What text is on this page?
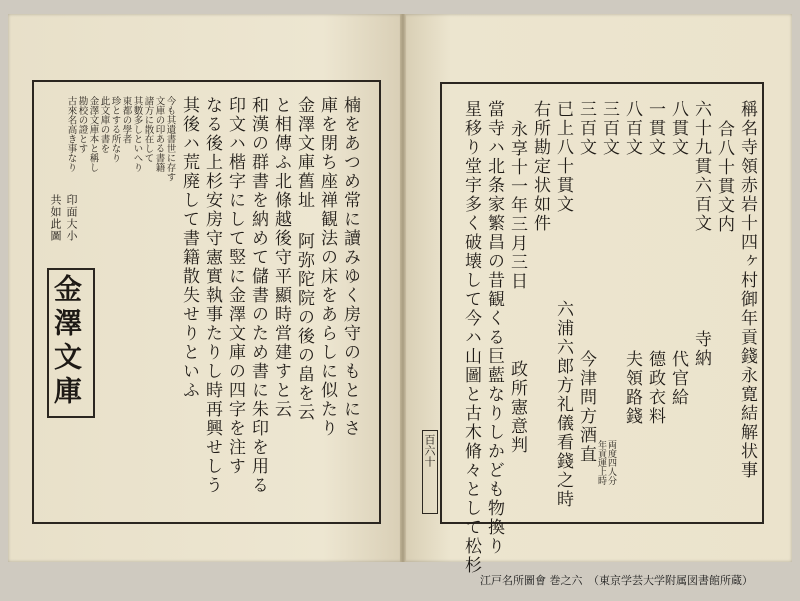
印面大小
共如此圖
金澤文庫	楠をあつめ常に讀みゆく房守のもとにさ
庫を閉ち座禅観法の床をあらしに似たり
金澤文庫舊址 阿弥陀院の後の畠を云
と相傳ふ北條越後守平顯時営建すと云
和漢の群書を納めて儲書のため書に朱印を用る
印文ハ楷字にして竪に金澤文庫の四字を注す
なる後上杉安房守憲實執事たりし時再興せしう
其後ハ荒廃して書籍散失せりといふ
今も其遺書世に存す
文庫の印ある書籍
諸方に散在して
其數多しといへり
東都の學者
珍とする所なり
此文庫の書を
金澤文庫本と稱し
勘校の證とす
古來名高き事なり	稱名寺領赤岩十四ヶ村御年貢錢永寛結解状事
合八十貫文内
六十九貫六百文
八貫文
一貫文
八百文
三百文
三百文
寺納
代官給
德政衣料
夫領路錢
両度四人分
年貢運上時
今津問方酒直
六浦六郎方礼儀看錢之時
已上八十貫文
右所勘定状如件
永享十一年三月三日
政所憲意判
當寺ハ北条家繁昌の昔観くる巨藍なりしかども物換り
星移り堂宇多く破壊して今ハ山圖と古木脩々として松杉
百六十
江戸名所圖會 巻之六　（東京学芸大学附属図書館所蔵）
